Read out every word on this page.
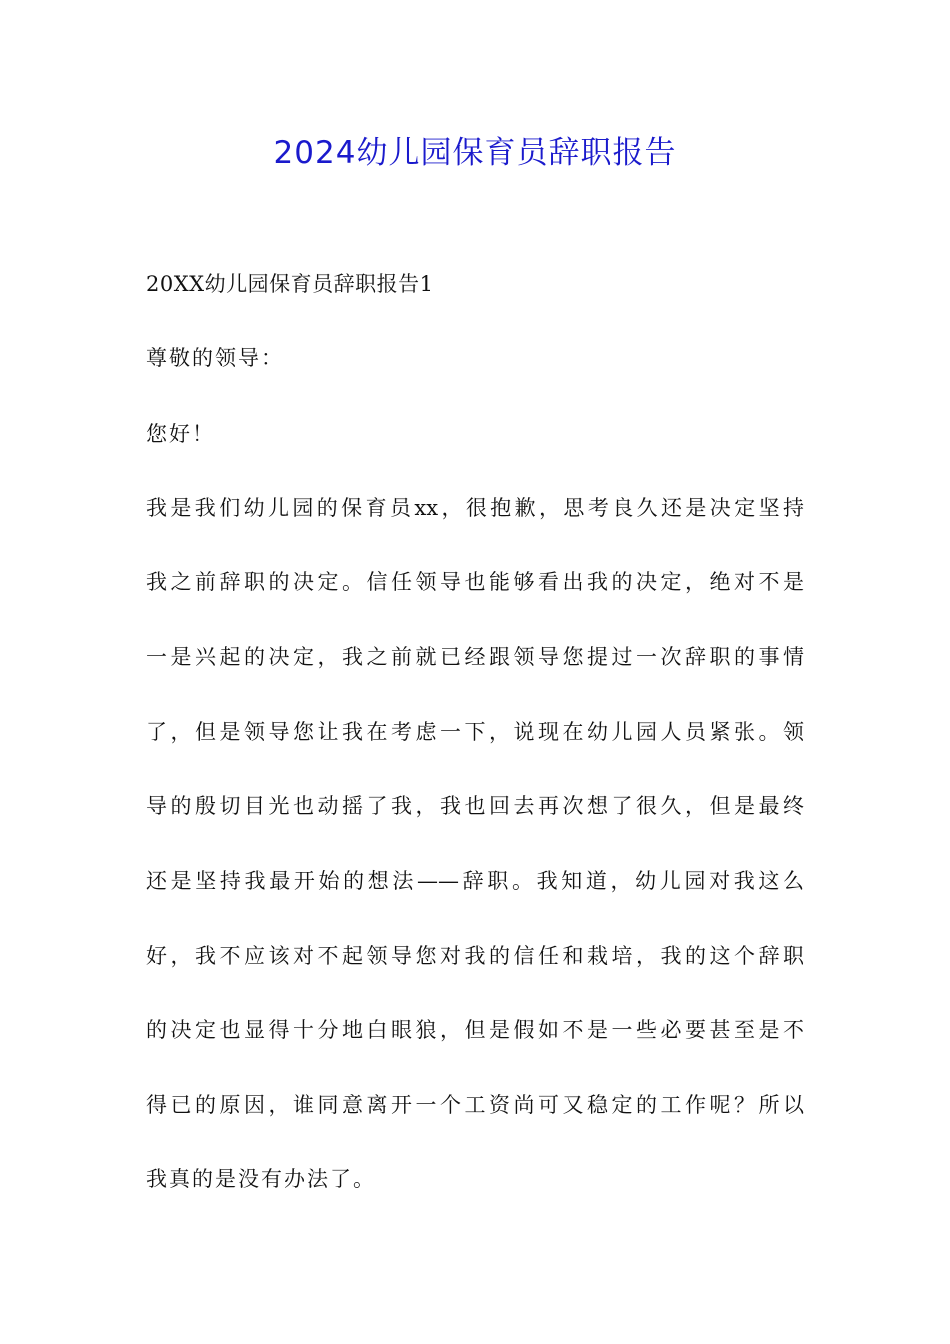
2024幼儿园保育员辞职报告
20XX幼儿园保育员辞职报告1
尊敬的领导：
您好！
我是我们幼儿园的保育员xx，很抱歉，思考良久还是决定坚持
我之前辞职的决定。信任领导也能够看出我的决定，绝对不是
一是兴起的决定，我之前就已经跟领导您提过一次辞职的事情
了，但是领导您让我在考虑一下，说现在幼儿园人员紧张。领
导的殷切目光也动摇了我，我也回去再次想了很久，但是最终
还是坚持我最开始的想法——辞职。我知道，幼儿园对我这么
好，我不应该对不起领导您对我的信任和栽培，我的这个辞职
的决定也显得十分地白眼狼，但是假如不是一些必要甚至是不
得已的原因，谁同意离开一个工资尚可又稳定的工作呢？所以
我真的是没有办法了。
